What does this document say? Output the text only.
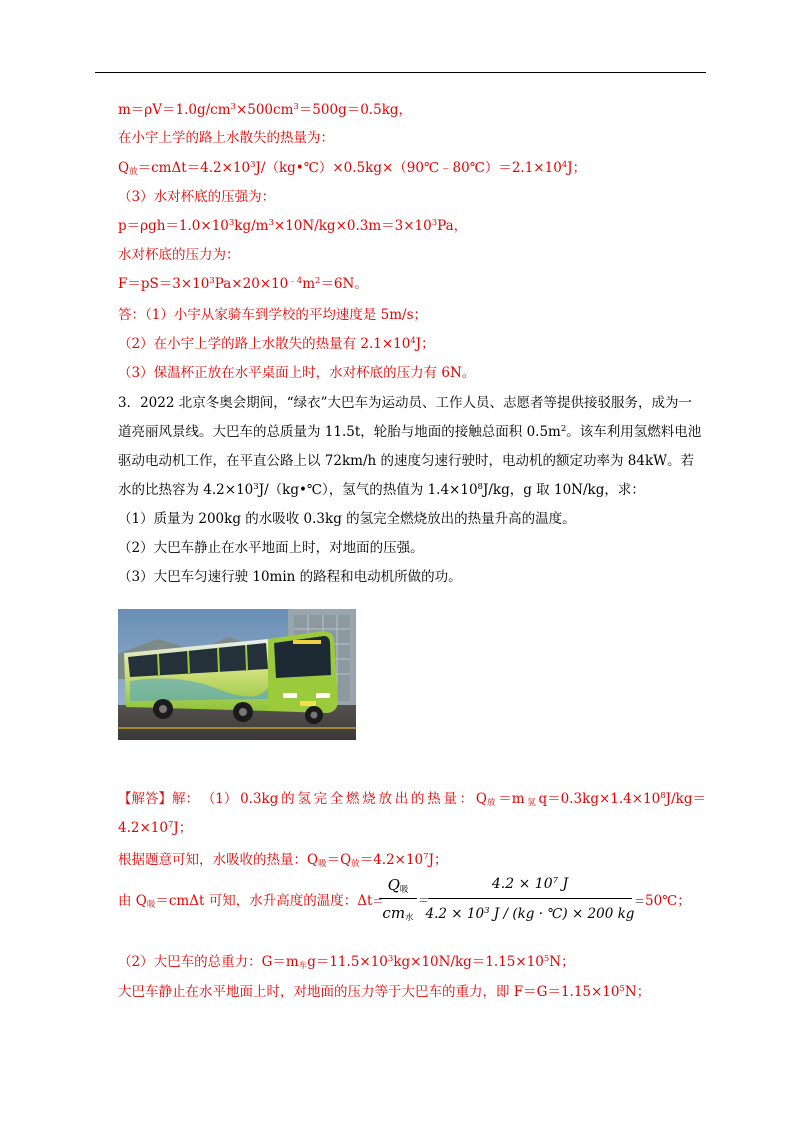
$m=\rho V=1.0g/cm^3\times 500cm^3=500g=0.5kg$，
在小宇上学的路上水散失的热量为：
$Q_放=cm\Delta t=4.2\times 10^3J/(kg•℃)\times 0.5kg\times(90℃﹣80℃)=2.1\times 10^4J$；
（3）水对杯底的压强为：
$p=\rho gh=1.0\times 10^3kg/m^3\times 10N/kg\times 0.3m=3\times 10^3Pa$，
水对杯底的压力为：
$F=pS=3\times 10^3Pa\times 20\times 10^{﹣4}m^2=6N$。
答：（1）小宇从家骑车到学校的平均速度是 5m/s；
（2）在小宇上学的路上水散失的热量有 $2.1\times 10^4J$；
（3）保温杯正放在水平桌面上时，水对杯底的压力有 6N。
3．2022 北京冬奥会期间，“绿衣”大巴车为运动员、工作人员、志愿者等提供接驳服务，成为一
道亮丽风景线。大巴车的总质量为 11.5t，轮胎与地面的接触总面积 $0.5m^2$。该车利用氢燃料电池
驱动电动机工作，在平直公路上以 72km/h 的速度匀速行驶时，电动机的额定功率为 84kW。若
水的比热容为 $4.2\times 10^3J/(kg•℃)$，氢气的热值为 $1.4\times 10^8J/kg$，g 取 10N/kg，求：
（1）质量为 200kg 的水吸收 0.3kg 的氢完全燃烧放出的热量升高的温度。
（2）大巴车静止在水平地面上时，对地面的压强。
（3）大巴车匀速行驶 10min 的路程和电动机所做的功。
【解答】解： （1） 0.3kg 的 氢 完 全 燃 烧 放 出 的 热 量 ： $Q_放 =m$ $_氢$ $q=0.3kg\times 1.4\times 10^8J/kg=$
$4.2\times 10^7J$；
根据题意可知，水吸收的热量：$Q_吸=Q_放=4.2\times 10^7J$；
由 $Q_吸=cm\Delta t$ 可知，水升高度的温度：Δt＝
$Q_吸$
$cm_水$
＝
$4.2 \times 10^7$ J
$4.2 \times 10^3$ J / (kg · ℃) × 200 kg
＝50℃；
（2）大巴车的总重力：$G=m_车g=11.5\times 10^3kg\times 10N/kg=1.15\times 10^5N$；
大巴车静止在水平地面上时，对地面的压力等于大巴车的重力，即 $F=G=1.15\times 10^5N$；
